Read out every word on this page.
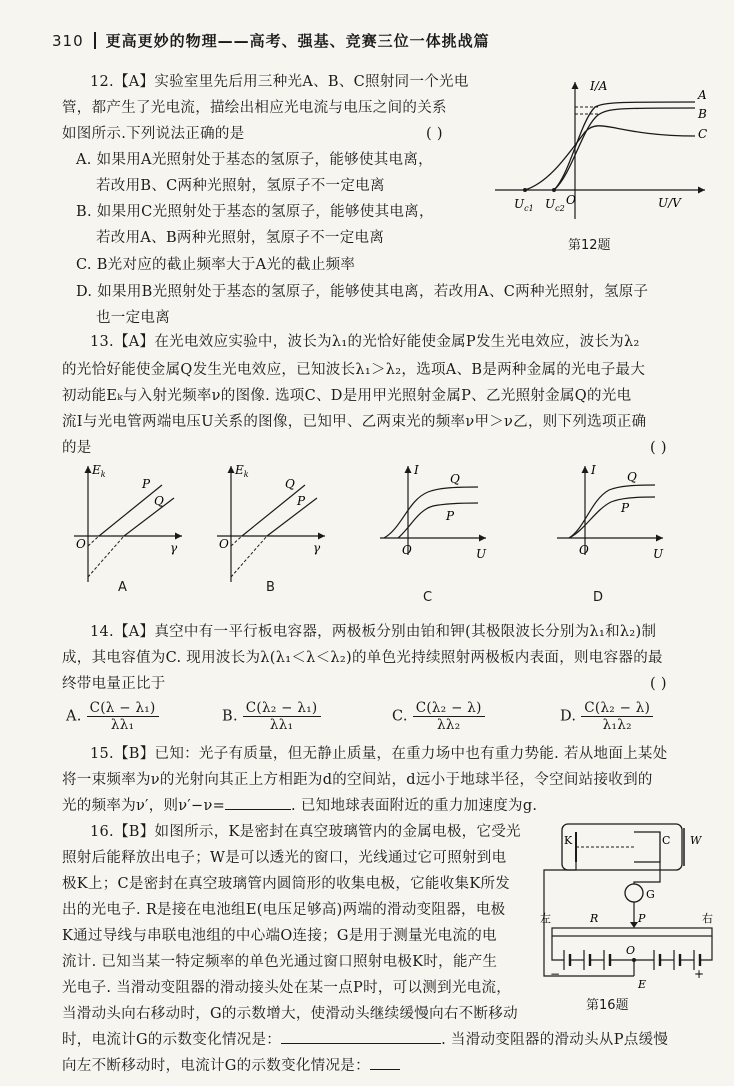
310 更高更妙的物理——高考、强基、竞赛三位一体挑战篇
12.【A】实验室里先后用三种光A、B、C照射同一个光电
管，都产生了光电流，描绘出相应光电流与电压之间的关系
如图所示.下列说法正确的是	( )
A. 如果用A光照射处于基态的氢原子，能够使其电离，
若改用B、C两种光照射，氢原子不一定电离
B. 如果用C光照射处于基态的氢原子，能够使其电离，
若改用A、B两种光照射，氢原子不一定电离
C. B光对应的截止频率大于A光的截止频率
D. 如果用B光照射处于基态的氢原子，能够使其电离，若改用A、C两种光照射，氢原子
也一定电离
I/A
A
B
C
O
$U_{c1}$ $U_{c2}$	U/V
第12题
13.【A】在光电效应实验中，波长为λ₁的光恰好能使金属P发生光电效应，波长为λ₂
的光恰好能使金属Q发生光电效应，已知波长λ₁＞λ₂，选项A、B是两种金属的光电子最大
初动能Eₖ与入射光频率ν的图像. 选项C、D是用甲光照射金属P、乙光照射金属Q的光电
流I与光电管两端电压U关系的图像，已知甲、乙两束光的频率ν甲＞ν乙，则下列选项正确
的是	( )
$E_k$
O	γ
P
Q
$E_k$
O	γ
Q
P
I
O	U
Q
P
I
O	U
Q
P
A	B
C	D
14.【A】真空中有一平行板电容器，两极板分别由铂和钾(其极限波长分别为λ₁和λ₂)制
成，其电容值为C. 现用波长为λ(λ₁＜λ＜λ₂)的单色光持续照射两极板内表面，则电容器的最
终带电量正比于	( )
A. $\frac{\text{C(λ − λ₁)}}{\text{λλ₁}}$	B. $\frac{\text{C(λ₂ − λ₁)}}{\text{λλ₁}}$	C. $\frac{\text{C(λ₂ − λ)}}{\text{λλ₂}}$	D. $\frac{\text{C(λ₂ − λ)}}{\text{λ₁λ₂}}$
15.【B】已知：光子有质量，但无静止质量，在重力场中也有重力势能. 若从地面上某处
将一束频率为ν的光射向其正上方相距为d的空间站，d远小于地球半径，令空间站接收到的
光的频率为ν′，则ν′−ν=	. 已知地球表面附近的重力加速度为g.
16.【B】如图所示，K是密封在真空玻璃管内的金属电极，它受光
照射后能释放出电子；W是可以透光的窗口，光线通过它可照射到电
极K上；C是密封在真空玻璃管内圆筒形的收集电极，它能收集K所发
出的光电子. R是接在电池组E(电压足够高)两端的滑动变阻器，电极
K通过导线与串联电池组的中心端O连接；G是用于测量光电流的电
流计. 已知当某一特定频率的单色光通过窗口照射电极K时，能产生
光电子. 当滑动变阻器的滑动接头处在某一点P时，可以测到光电流，
当滑动头向右移动时，G的示数增大，使滑动头继续缓慢向右不断移动
时，电流计G的示数变化情况是：	. 当滑动变阻器的滑动头从P点缓慢
向左不断移动时，电流计G的示数变化情况是：
K	C W
G
左	R	P	右
O
−	+
E
第16题
